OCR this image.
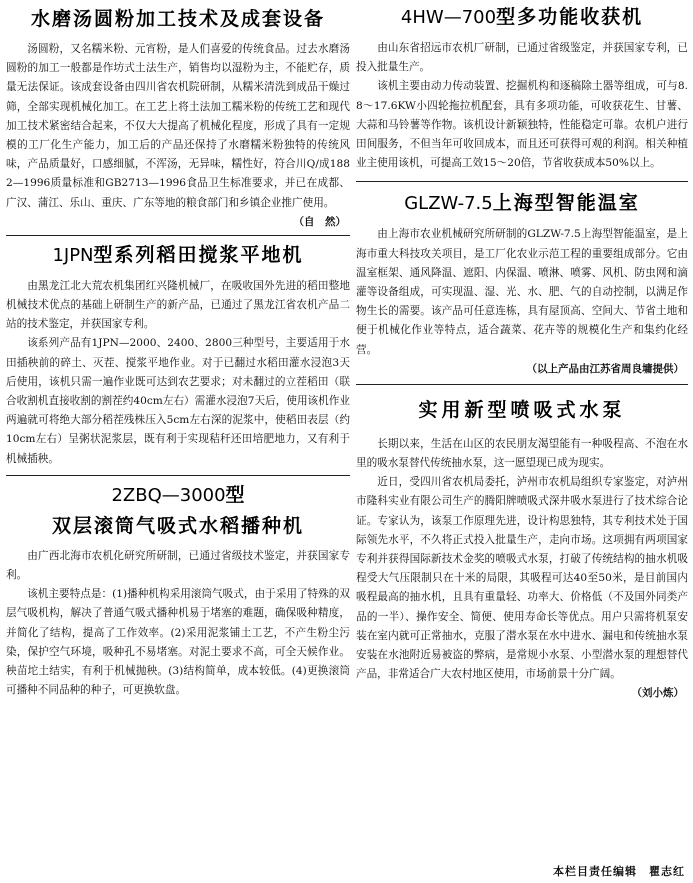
水磨汤圆粉加工技术及成套设备

汤圆粉，又名糯米粉、元宵粉，是人们喜爱的传统食品。过去水磨汤圆粉的加工一般都是作坊式土法生产，销售均以湿粉为主，不能贮存，质量无法保证。该成套设备由四川省农机院研制，从糯米清洗到成品干燥过筛，全部实现机械化加工。在工艺上将土法加工糯米粉的传统工艺和现代加工技术紧密结合起来，不仅大大提高了机械化程度，形成了具有一定规模的工厂化生产能力，加工后的产品还保持了水磨糯米粉独特的传统风味，产品质量好，口感细腻，不浑汤，无异味，糯性好，符合川Q/成1882—1996质量标准和GB2713—1996食品卫生标准要求，并已在成都、广汉、蒲江、乐山、重庆、广东等地的粮食部门和乡镇企业推广使用。

（自　然）
1JPN型系列稻田搅浆平地机

由黑龙江北大荒农机集团红兴隆机械厂，在吸收国外先进的稻田整地机械技术优点的基础上研制生产的新产品，已通过了黑龙江省农机产品二站的技术鉴定，并获国家专利。

该系列产品有1JPN—2000、2400、2800三种型号，主要适用于水田插秧前的碎土、灭茬、搅浆平地作业。对于已翻过水稻田灌水浸泡3天后使用，该机只需一遍作业既可达到农艺要求；对未翻过的立茬稻田（联合收割机直接收割的割茬约40cm左右）需灌水浸泡7天后，使用该机作业两遍就可将绝大部分稻茬残株压入5cm左右深的泥浆中，使稻田表层（约10cm左右）呈粥状泥浆层，既有利于实现秸秆还田培肥地力，又有利于机械插秧。

2ZBQ—3000型
双层滚筒气吸式水稻播种机

由广西北海市农机化研究所研制，已通过省级技术鉴定，并获国家专利。

该机主要特点是：(1)播种机构采用滚筒气吸式，由于采用了特殊的双层气吸机构，解决了普通气吸式播种机易于堵塞的难题，确保吸种精度，并简化了结构，提高了工作效率。(2)采用泥浆铺土工艺，不产生粉尘污染，保护空气环境，吸种孔不易堵塞。对泥土要求不高，可全天候作业。秧苗坨土结实，有利于机械抛秧。(3)结构简单，成本较低。(4)更换滚筒可播种不同品种的种子，可更换软盘。

4HW—700型多功能收获机

由山东省招远市农机厂研制，已通过省级鉴定，并获国家专利，已投入批量生产。

该机主要由动力传动装置、挖掘机构和逐稿除土器等组成，可与8.8～17.6KW小四轮拖拉机配套，具有多项功能，可收获花生、甘薯、大蒜和马铃薯等作物。该机设计新颖独特，性能稳定可靠。农机户进行田间服务，不但当年可收回成本，而且还可获得可观的利润。相关种植业主使用该机，可提高工效15～20倍，节省收获成本50%以上。

GLZW-7.5上海型智能温室

由上海市农业机械研究所研制的GLZW-7.5上海型智能温室，是上海市重大科技攻关项目，是工厂化农业示范工程的重要组成部分。它由温室框架、通风降温、遮阳、内保温、喷淋、喷雾、风机、防虫网和滴灌等设备组成，可实现温、湿、光、水、肥、气的自动控制，以满足作物生长的需要。该产品可任意连栋，具有屋顶高、空间大、节省土地和便于机械化作业等特点，适合蔬菜、花卉等的规模化生产和集约化经营。

（以上产品由江苏省周良墉提供）
实用新型喷吸式水泵

长期以来，生活在山区的农民朋友渴望能有一种吸程高、不泡在水里的吸水泵替代传统抽水泵，这一愿望现已成为现实。

近日，受四川省农机局委托，泸州市农机局组织专家鉴定，对泸州市隆科实业有限公司生产的腾阳牌喷吸式深井吸水泵进行了技术综合论证。专家认为，该泵工作原理先进，设计构思独特，其专利技术处于国际领先水平，不久将正式投入批量生产，走向市场。这项拥有两项国家专利并获得国际新技术金奖的喷吸式水泵，打破了传统结构的抽水机吸程受大气压限制只在十米的局限，其吸程可达40至50米，是目前国内吸程最高的抽水机，且具有重量轻、功率大、价格低（不及国外同类产品的一半）、操作安全、简便、使用寿命长等优点。用户只需将机泵安装在室内就可正常抽水，克服了潜水泵在水中进水、漏电和传统抽水泵安装在水池附近易被盗的弊病，是常规小水泵、小型潜水泵的理想替代产品，非常适合广大农村地区使用，市场前景十分广阔。

（刘小炼）
本栏目责任编辑　瞿志红
